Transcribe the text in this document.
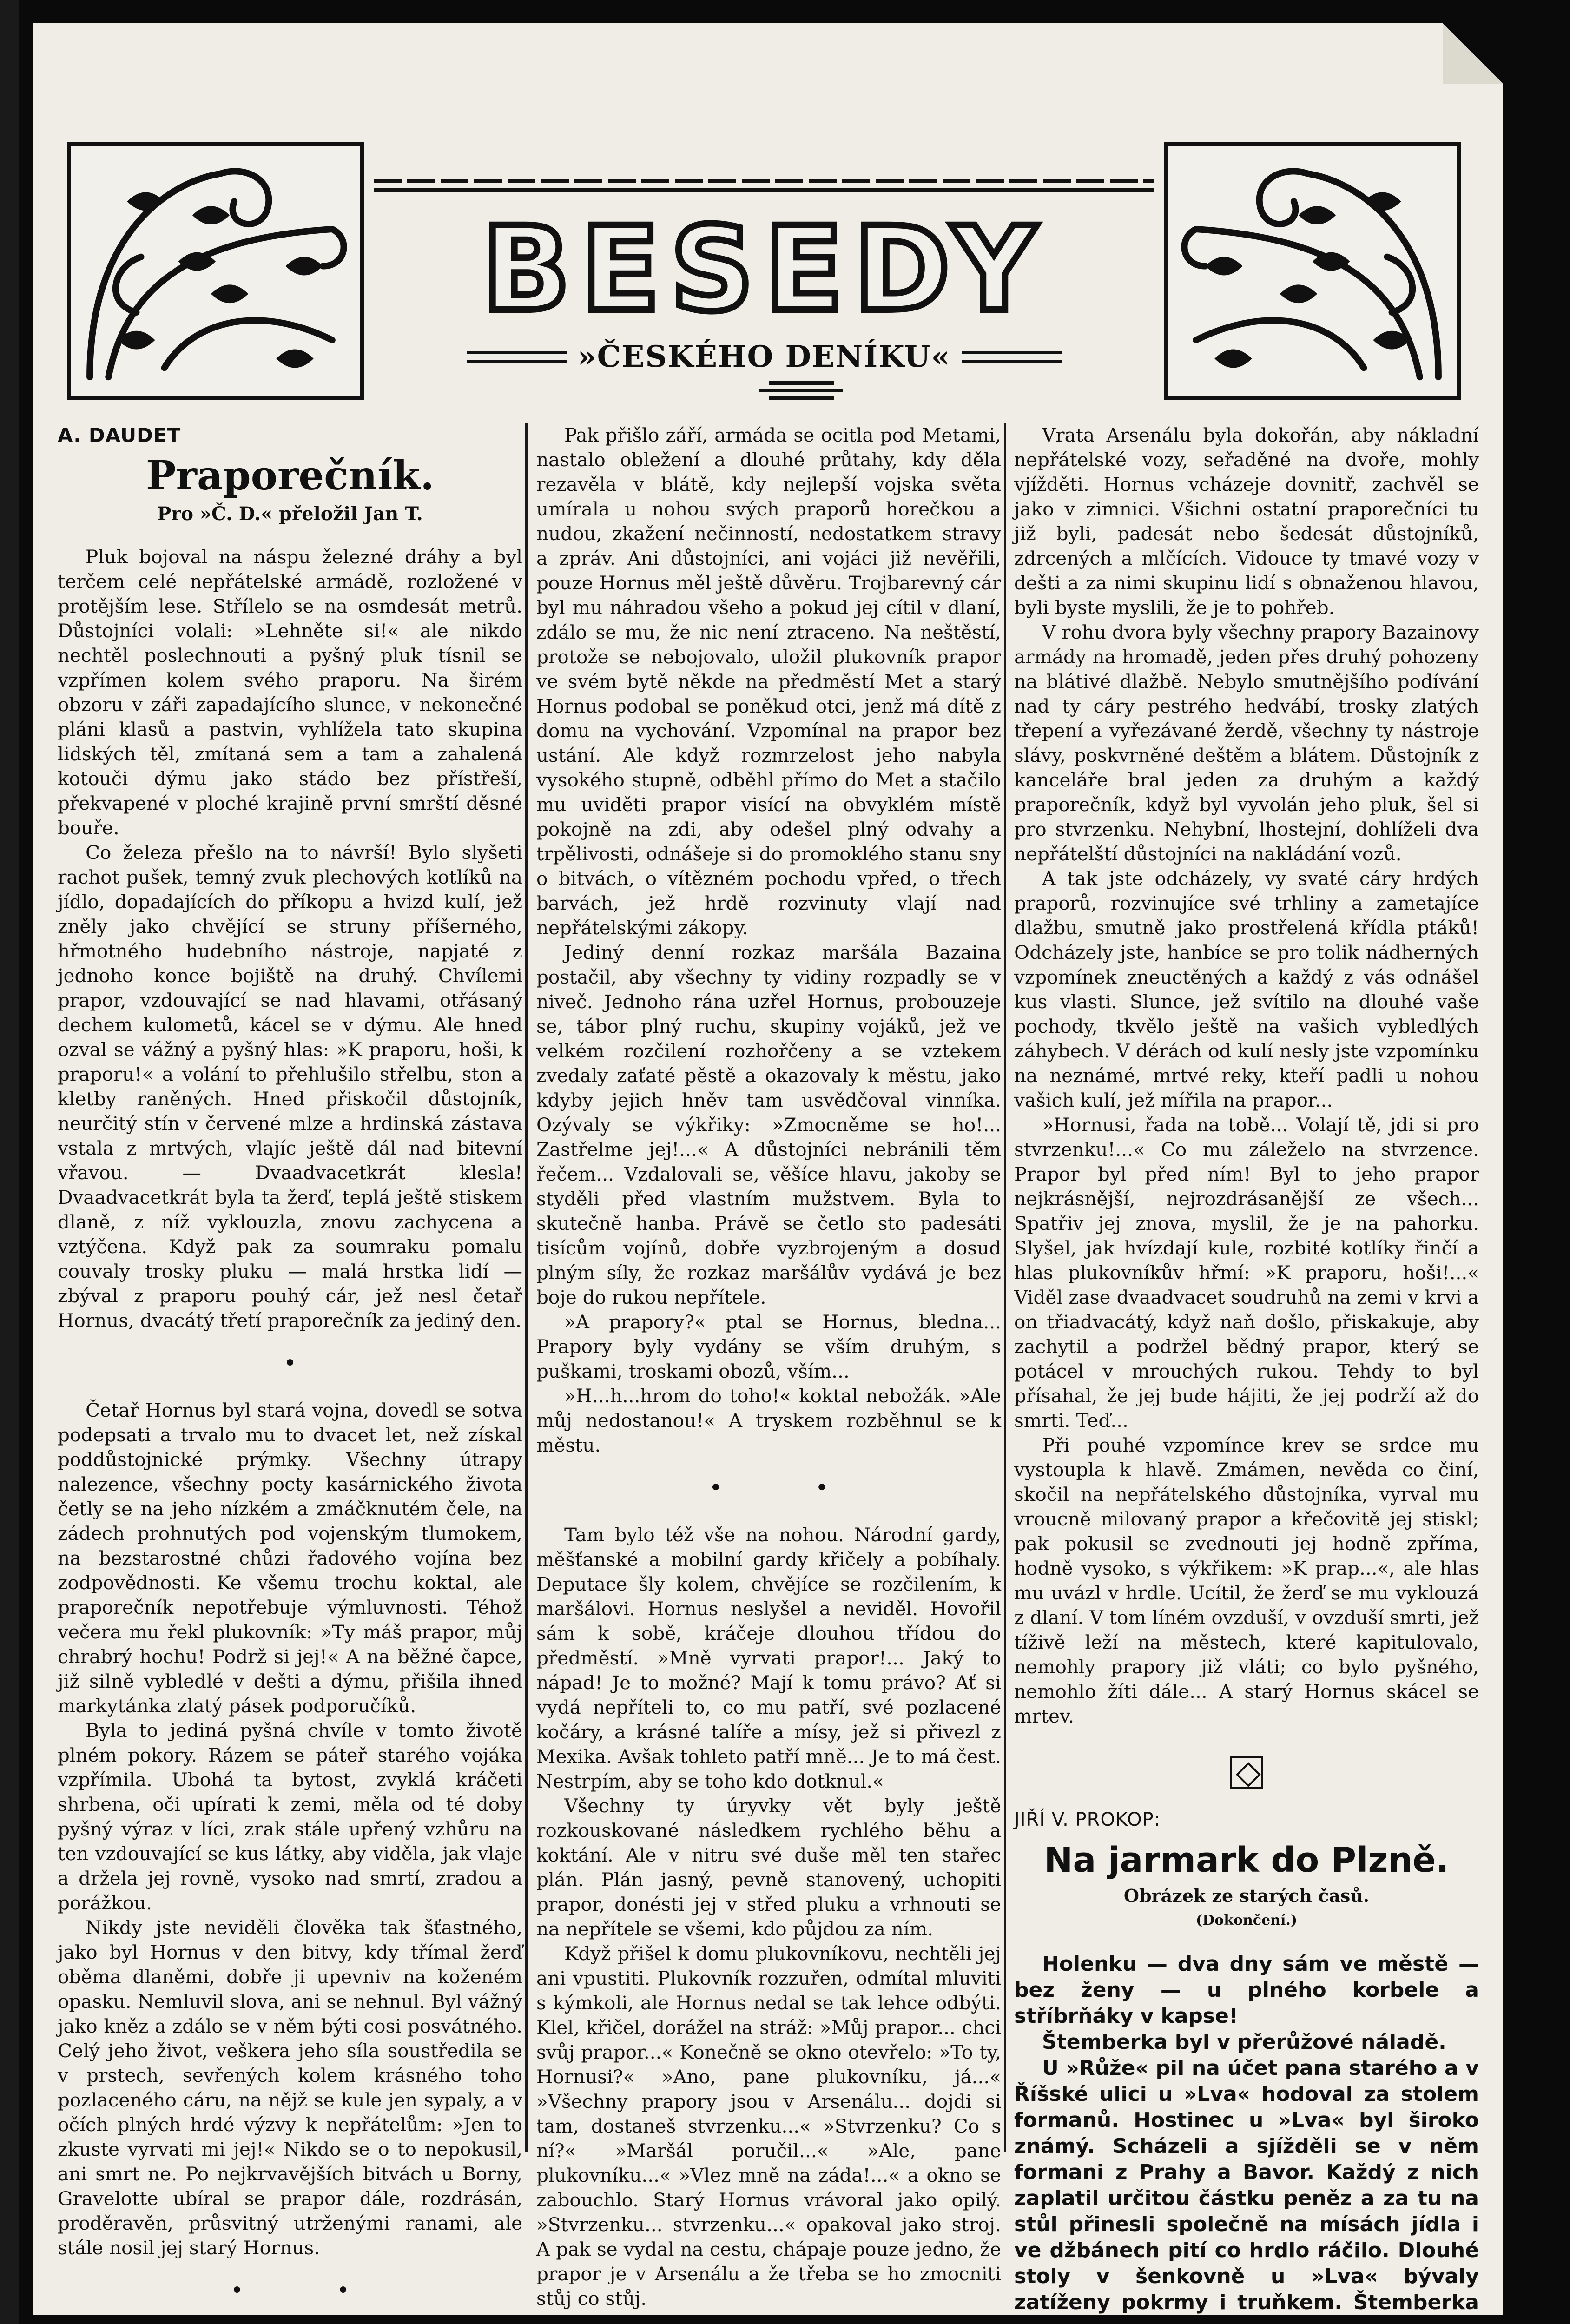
BESEDY
»ČESKÉHO DENÍKU«
A. DAUDET
Praporečník.
Pro »Č. D.« přeložil Jan T.

Pluk bojoval na náspu železné dráhy a byl terčem celé nepřátelské armádě, rozložené v protějším lese. Střílelo se na osmdesát metrů. Důstojníci volali: »Lehněte si!« ale nikdo nechtěl poslechnouti a pyšný pluk tísnil se vzpřímen kolem svého praporu. Na širém obzoru v záři zapadajícího slunce, v nekonečné pláni klasů a pastvin, vyhlížela tato skupina lidských těl, zmítaná sem a tam a zahalená kotouči dýmu jako stádo bez přístřeší, překvapené v ploché krajině první smrští děsné bouře.

Co železa přešlo na to návrší! Bylo slyšeti rachot pušek, temný zvuk plechových kotlíků na jídlo, dopadajících do příkopu a hvizd kulí, jež zněly jako chvějící se struny příšerného, hřmotného hudebního nástroje, napjaté z jednoho konce bojiště na druhý. Chvílemi prapor, vzdouvající se nad hlavami, otřásaný dechem kulometů, kácel se v dýmu. Ale hned ozval se vážný a pyšný hlas: »K praporu, hoši, k praporu!« a volání to přehlušilo střelbu, ston a kletby raněných. Hned přiskočil důstojník, neurčitý stín v červené mlze a hrdinská zástava vstala z mrtvých, vlajíc ještě dál nad bitevní vřavou. — Dvaadvacetkrát klesla! Dvaadvacetkrát byla ta žerď, teplá ještě stiskem dlaně, z níž vyklouzla, znovu zachycena a vztýčena. Když pak za soumraku pomalu couvaly trosky pluku — malá hrstka lidí — zbýval z praporu pouhý cár, jež nesl četař Hornus, dvacátý třetí praporečník za jediný den.

•

Četař Hornus byl stará vojna, dovedl se sotva podepsati a trvalo mu to dvacet let, než získal poddůstojnické prýmky. Všechny útrapy nalezence, všechny pocty kasárnického života četly se na jeho nízkém a zmáčknutém čele, na zádech prohnutých pod vojenským tlumokem, na bezstarostné chůzi řadového vojína bez zodpovědnosti. Ke všemu trochu koktal, ale praporečník nepotřebuje výmluvnosti. Téhož večera mu řekl plukovník: »Ty máš prapor, můj chrabrý hochu! Podrž si jej!« A na běžné čapce, již silně vybledlé v dešti a dýmu, přišila ihned markytánka zlatý pásek podporučíků.

Byla to jediná pyšná chvíle v tomto životě plném pokory. Rázem se páteř starého vojáka vzpřímila. Ubohá ta bytost, zvyklá kráčeti shrbena, oči upírati k zemi, měla od té doby pyšný výraz v líci, zrak stále upřený vzhůru na ten vzdouvající se kus látky, aby viděla, jak vlaje a držela jej rovně, vysoko nad smrtí, zradou a porážkou.

Nikdy jste neviděli člověka tak šťastného, jako byl Hornus v den bitvy, kdy třímal žerď oběma dlaněmi, dobře ji upevniv na koženém opasku. Nemluvil slova, ani se nehnul. Byl vážný jako kněz a zdálo se v něm býti cosi posvátného. Celý jeho život, veškera jeho síla soustředila se v prstech, sevřených kolem krásného toho pozlaceného cáru, na nějž se kule jen sypaly, a v očích plných hrdé výzvy k nepřátelům: »Jen to zkuste vyrvati mi jej!« Nikdo se o to nepokusil, ani smrt ne. Po nejkrvavějších bitvách u Borny, Gravelotte ubíral se prapor dále, rozdrásán, proděravěn, průsvitný utrženými ranami, ale stále nosil jej starý Hornus.

••

Pak přišlo září, armáda se ocitla pod Metami, nastalo obležení a dlouhé průtahy, kdy děla rezavěla v blátě, kdy nejlepší vojska světa umírala u nohou svých praporů horečkou a nudou, zkažení nečinností, nedostatkem stravy a zpráv. Ani důstojníci, ani vojáci již nevěřili, pouze Hornus měl ještě důvěru. Trojbarevný cár byl mu náhradou všeho a pokud jej cítil v dlaní, zdálo se mu, že nic není ztraceno. Na neštěstí, protože se nebojovalo, uložil plukovník prapor ve svém bytě někde na předměstí Met a starý Hornus podobal se poněkud otci, jenž má dítě z domu na vychování. Vzpomínal na prapor bez ustání. Ale když rozmrzelost jeho nabyla vysokého stupně, odběhl přímo do Met a stačilo mu uviděti prapor visící na obvyklém místě pokojně na zdi, aby odešel plný odvahy a trpělivosti, odnášeje si do promoklého stanu sny o bitvách, o vítězném pochodu vpřed, o třech barvách, jež hrdě rozvinuty vlají nad nepřátelskými zákopy.

Jediný denní rozkaz maršála Bazaina postačil, aby všechny ty vidiny rozpadly se v niveč. Jednoho rána uzřel Hornus, probouzeje se, tábor plný ruchu, skupiny vojáků, jež ve velkém rozčilení rozhořčeny a se vztekem zvedaly zaťaté pěstě a okazovaly k městu, jako kdyby jejich hněv tam usvědčoval vinníka. Ozývaly se výkřiky: »Zmocněme se ho!... Zastřelme jej!...« A důstojníci nebránili těm řečem... Vzdalovali se, věšíce hlavu, jakoby se styděli před vlastním mužstvem. Byla to skutečně hanba. Právě se četlo sto padesáti tisícům vojínů, dobře vyzbrojeným a dosud plným síly, že rozkaz maršálův vydává je bez boje do rukou nepřítele.

»A prapory?« ptal se Hornus, bledna... Prapory byly vydány se vším druhým, s puškami, troskami obozů, vším...

»H...h...hrom do toho!« koktal nebožák. »Ale můj nedostanou!« A tryskem rozběhnul se k městu.

••

Tam bylo též vše na nohou. Národní gardy, měšťanské a mobilní gardy křičely a pobíhaly. Deputace šly kolem, chvějíce se rozčilením, k maršálovi. Hornus neslyšel a neviděl. Hovořil sám k sobě, kráčeje dlouhou třídou do předměstí. »Mně vyrvati prapor!... Jaký to nápad! Je to možné? Mají k tomu právo? Ať si vydá nepříteli to, co mu patří, své pozlacené kočáry, a krásné talíře a mísy, jež si přivezl z Mexika. Avšak tohleto patří mně... Je to má čest. Nestrpím, aby se toho kdo dotknul.«

Všechny ty úryvky vět byly ještě rozkouskované následkem rychlého běhu a koktání. Ale v nitru své duše měl ten stařec plán. Plán jasný, pevně stanovený, uchopiti prapor, donésti jej v střed pluku a vrhnouti se na nepřítele se všemi, kdo půjdou za ním.

Když přišel k domu plukovníkovu, nechtěli jej ani vpustiti. Plukovník rozzuřen, odmítal mluviti s kýmkoli, ale Hornus nedal se tak lehce odbýti. Klel, křičel, dorážel na stráž: »Můj prapor... chci svůj prapor...« Konečně se okno otevřelo: »To ty, Hornusi?« »Ano, pane plukovníku, já...« »Všechny prapory jsou v Arsenálu... dojdi si tam, dostaneš stvrzenku...« »Stvrzenku? Co s ní?« »Maršál poručil...« »Ale, pane plukovníku...« »Vlez mně na záda!...« a okno se zabouchlo. Starý Hornus vrávoral jako opilý. »Stvrzenku... stvrzenku...« opakoval jako stroj. A pak se vydal na cestu, chápaje pouze jedno, že prapor je v Arsenálu a že třeba se ho zmocniti stůj co stůj.

Vrata Arsenálu byla dokořán, aby nákladní nepřátelské vozy, seřaděné na dvoře, mohly vjížděti. Hornus vcházeje dovnitř, zachvěl se jako v zimnici. Všichni ostatní praporečníci tu již byli, padesát nebo šedesát důstojníků, zdrcených a mlčících. Vidouce ty tmavé vozy v dešti a za nimi skupinu lidí s obnaženou hlavou, byli byste myslili, že je to pohřeb.

V rohu dvora byly všechny prapory Bazainovy armády na hromadě, jeden přes druhý pohozeny na blátivé dlažbě. Nebylo smutnějšího podívání nad ty cáry pestrého hedvábí, trosky zlatých třepení a vyřezávané žerdě, všechny ty nástroje slávy, poskvrněné deštěm a blátem. Důstojník z kanceláře bral jeden za druhým a každý praporečník, když byl vyvolán jeho pluk, šel si pro stvrzenku. Nehybní, lhostejní, dohlíželi dva nepřátelští důstojníci na nakládání vozů.

A tak jste odcházely, vy svaté cáry hrdých praporů, rozvinujíce své trhliny a zametajíce dlažbu, smutně jako prostřelená křídla ptáků! Odcházely jste, hanbíce se pro tolik nádherných vzpomínek zneuctěných a každý z vás odnášel kus vlasti. Slunce, jež svítilo na dlouhé vaše pochody, tkvělo ještě na vašich vybledlých záhybech. V dérách od kulí nesly jste vzpomínku na neznámé, mrtvé reky, kteří padli u nohou vašich kulí, jež mířila na prapor...

»Hornusi, řada na tobě... Volají tě, jdi si pro stvrzenku!...« Co mu záleželo na stvrzence. Prapor byl před ním! Byl to jeho prapor nejkrásnější, nejrozdrásanější ze všech... Spatřiv jej znova, myslil, že je na pahorku. Slyšel, jak hvízdají kule, rozbité kotlíky řinčí a hlas plukovníkův hřmí: »K praporu, hoši!...« Viděl zase dvaadvacet soudruhů na zemi v krvi a on třiadvacátý, když naň došlo, přiskakuje, aby zachytil a podržel bědný prapor, který se potácel v mrouchých rukou. Tehdy to byl přísahal, že jej bude hájiti, že jej podrží až do smrti. Teď...

Při pouhé vzpomínce krev se srdce mu vystoupla k hlavě. Zmámen, nevěda co činí, skočil na nepřátelského důstojníka, vyrval mu vroucně milovaný prapor a křečovitě jej stiskl; pak pokusil se zvednouti jej hodně zpříma, hodně vysoko, s výkřikem: »K prap...«, ale hlas mu uvázl v hrdle. Ucítil, že žerď se mu vyklouzá z dlaní. V tom líném ovzduší, v ovzduší smrti, jež tíživě leží na městech, které kapitulovalo, nemohly prapory již vláti; co bylo pyšného, nemohlo žíti dále... A starý Hornus skácel se mrtev.

JIŘÍ V. PROKOP:
Na jarmark do Plzně.
Obrázek ze starých časů.
(Dokončení.)

Holenku — dva dny sám ve městě — bez ženy — u plného korbele a stříbrňáky v kapse!

Štemberka byl v přerůžové náladě.

U »Růže« pil na účet pana starého a v Říšské ulici u »Lva« hodoval za stolem formanů. Hostinec u »Lva« byl široko známý. Scházeli a sjížděli se v něm formani z Prahy a Bavor. Každý z nich zaplatil určitou částku peněz a za tu na stůl přinesli společně na mísách jídla i ve džbánech pití co hrdlo ráčilo. Dlouhé stoly v šenkovně u »Lva« bývaly zatíženy pokrmy i truňkem. Štemberka
